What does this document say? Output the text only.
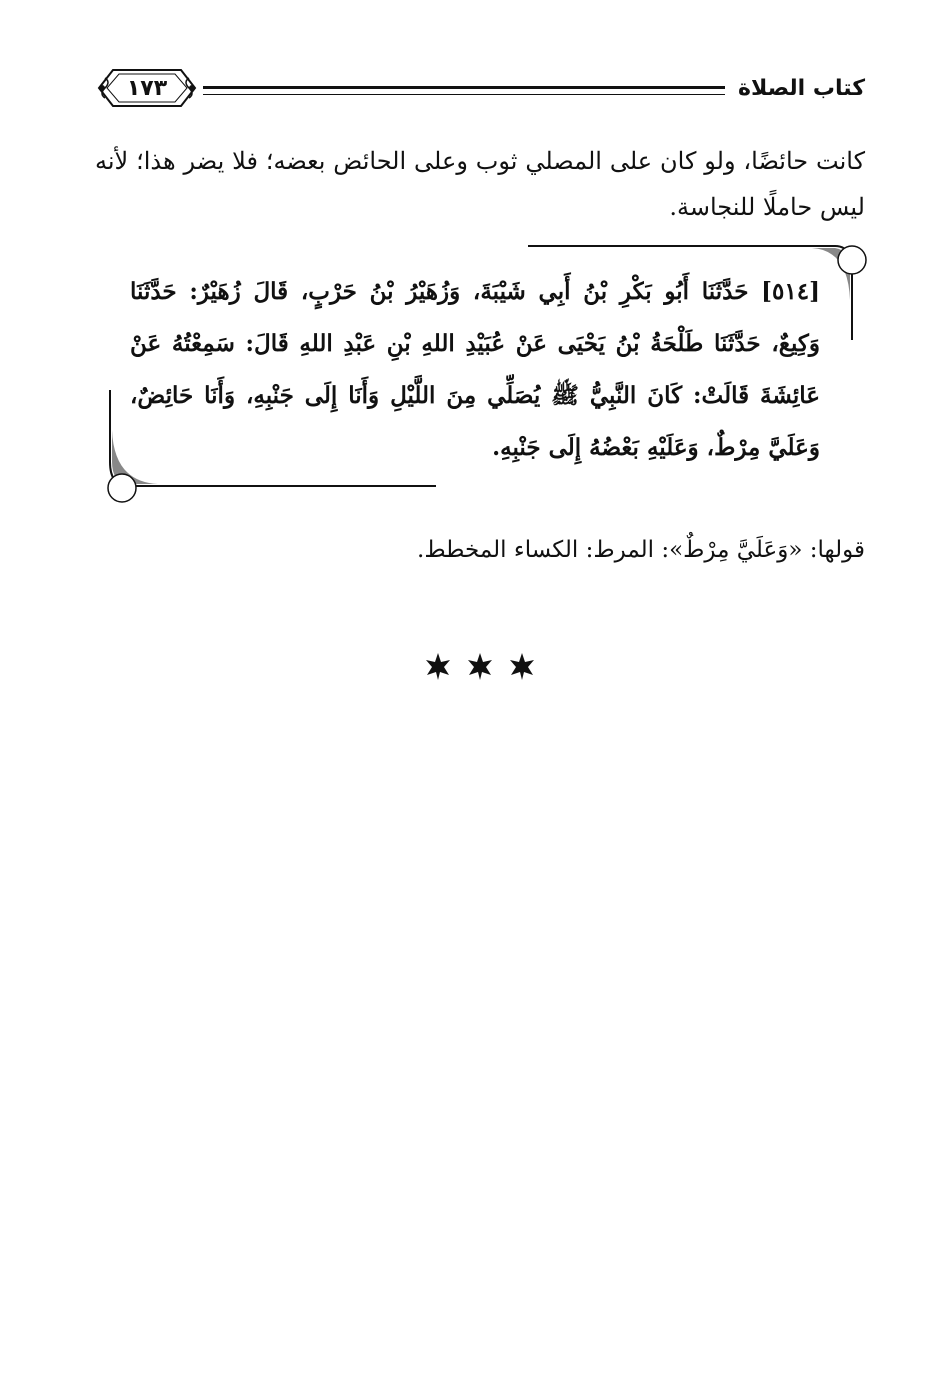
كتاب الصلاة
١٧٣
كانت حائضًا، ولو كان على المصلي ثوب وعلى الحائض بعضه؛ فلا يضر هذا؛ لأنه ليس حاملًا للنجاسة.
[٥١٤] حَدَّثَنَا أَبُو بَكْرِ بْنُ أَبِي شَيْبَةَ، وَزُهَيْرُ بْنُ حَرْبٍ، قَالَ زُهَيْرٌ: حَدَّثَنَا وَكِيعٌ، حَدَّثَنَا طَلْحَةُ بْنُ يَحْيَى عَنْ عُبَيْدِ اللهِ بْنِ عَبْدِ اللهِ قَالَ: سَمِعْتُهُ عَنْ عَائِشَةَ قَالَتْ: كَانَ النَّبِيُّ ﷺ يُصَلِّي مِنَ اللَّيْلِ وَأَنَا إِلَى جَنْبِهِ، وَأَنَا حَائِضٌ، وَعَلَيَّ مِرْطٌ، وَعَلَيْهِ بَعْضُهُ إِلَى جَنْبِهِ.
قولها: «وَعَلَيَّ مِرْطٌ»: المرط: الكساء المخطط.
